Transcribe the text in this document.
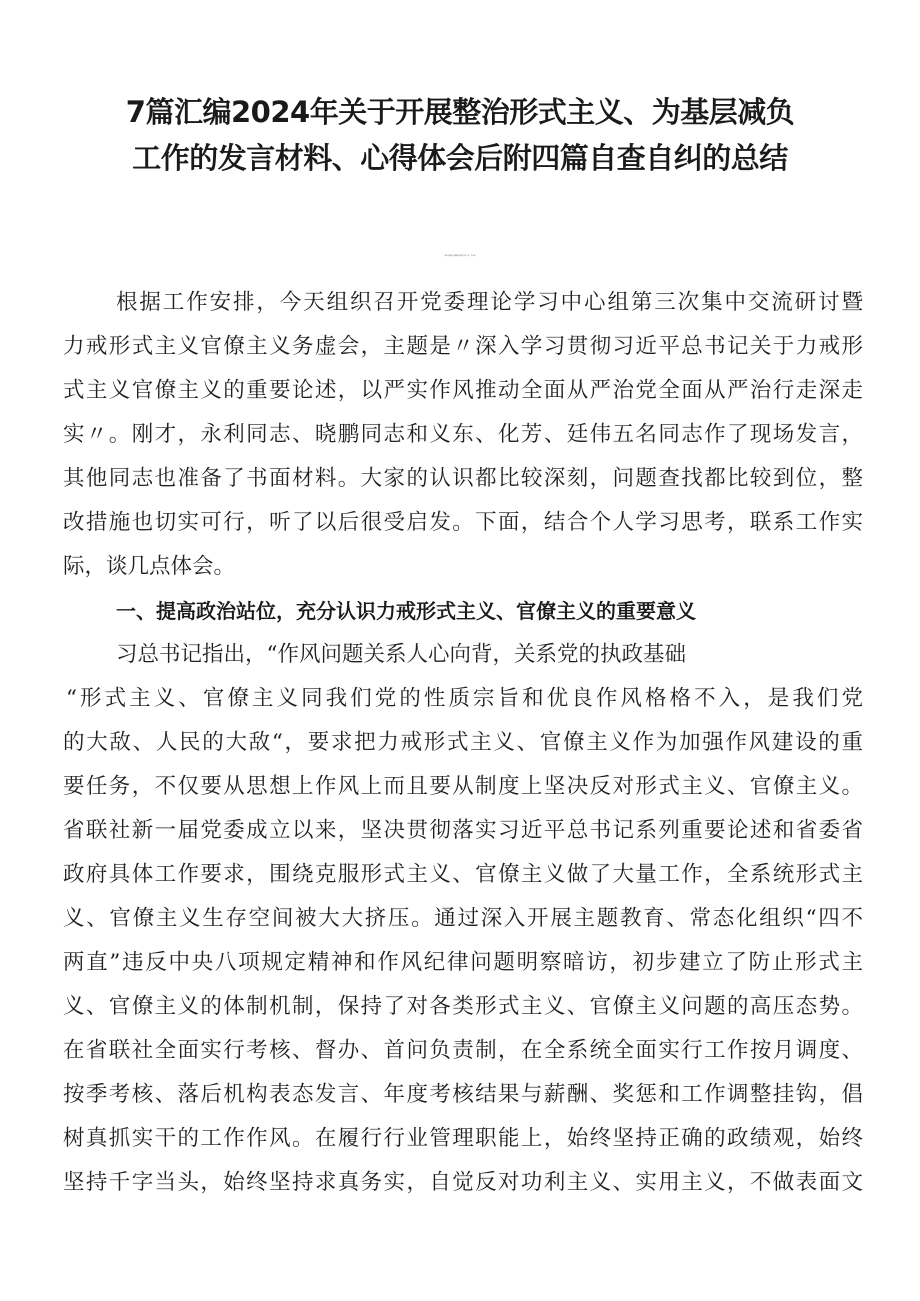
7篇汇编2024年关于开展整治形式主义、为基层减负
工作的发言材料、心得体会后附四篇自查自纠的总结

（研讨交流发言提纲及心得体会第一篇，共七篇）

根据工作安排，今天组织召开党委理论学习中心组第三次集中交流研讨暨

力戒形式主义官僚主义务虚会，主题是〃深入学习贯彻习近平总书记关于力戒形

式主义官僚主义的重要论述，以严实作风推动全面从严治党全面从严治行走深走

实〃。刚才，永利同志、晓鹏同志和义东、化芳、廷伟五名同志作了现场发言，

其他同志也准备了书面材料。大家的认识都比较深刻，问题查找都比较到位，整

改措施也切实可行，听了以后很受启发。下面，结合个人学习思考，联系工作实

际，谈几点体会。

一、提高政治站位，充分认识力戒形式主义、官僚主义的重要意义

习总书记指出，“作风问题关系人心向背，关系党的执政基础

“形式主义、官僚主义同我们党的性质宗旨和优良作风格格不入，是我们党

的大敌、人民的大敌“，要求把力戒形式主义、官僚主义作为加强作风建设的重

要任务，不仅要从思想上作风上而且要从制度上坚决反对形式主义、官僚主义。

省联社新一届党委成立以来，坚决贯彻落实习近平总书记系列重要论述和省委省

政府具体工作要求，围绕克服形式主义、官僚主义做了大量工作，全系统形式主

义、官僚主义生存空间被大大挤压。通过深入开展主题教育、常态化组织“四不

两直”违反中央八项规定精神和作风纪律问题明察暗访，初步建立了防止形式主

义、官僚主义的体制机制，保持了对各类形式主义、官僚主义问题的高压态势。

在省联社全面实行考核、督办、首问负责制，在全系统全面实行工作按月调度、

按季考核、落后机构表态发言、年度考核结果与薪酬、奖惩和工作调整挂钩，倡

树真抓实干的工作作风。在履行行业管理职能上，始终坚持正确的政绩观，始终

坚持千字当头，始终坚持求真务实，自觉反对功利主义、实用主义，不做表面文
